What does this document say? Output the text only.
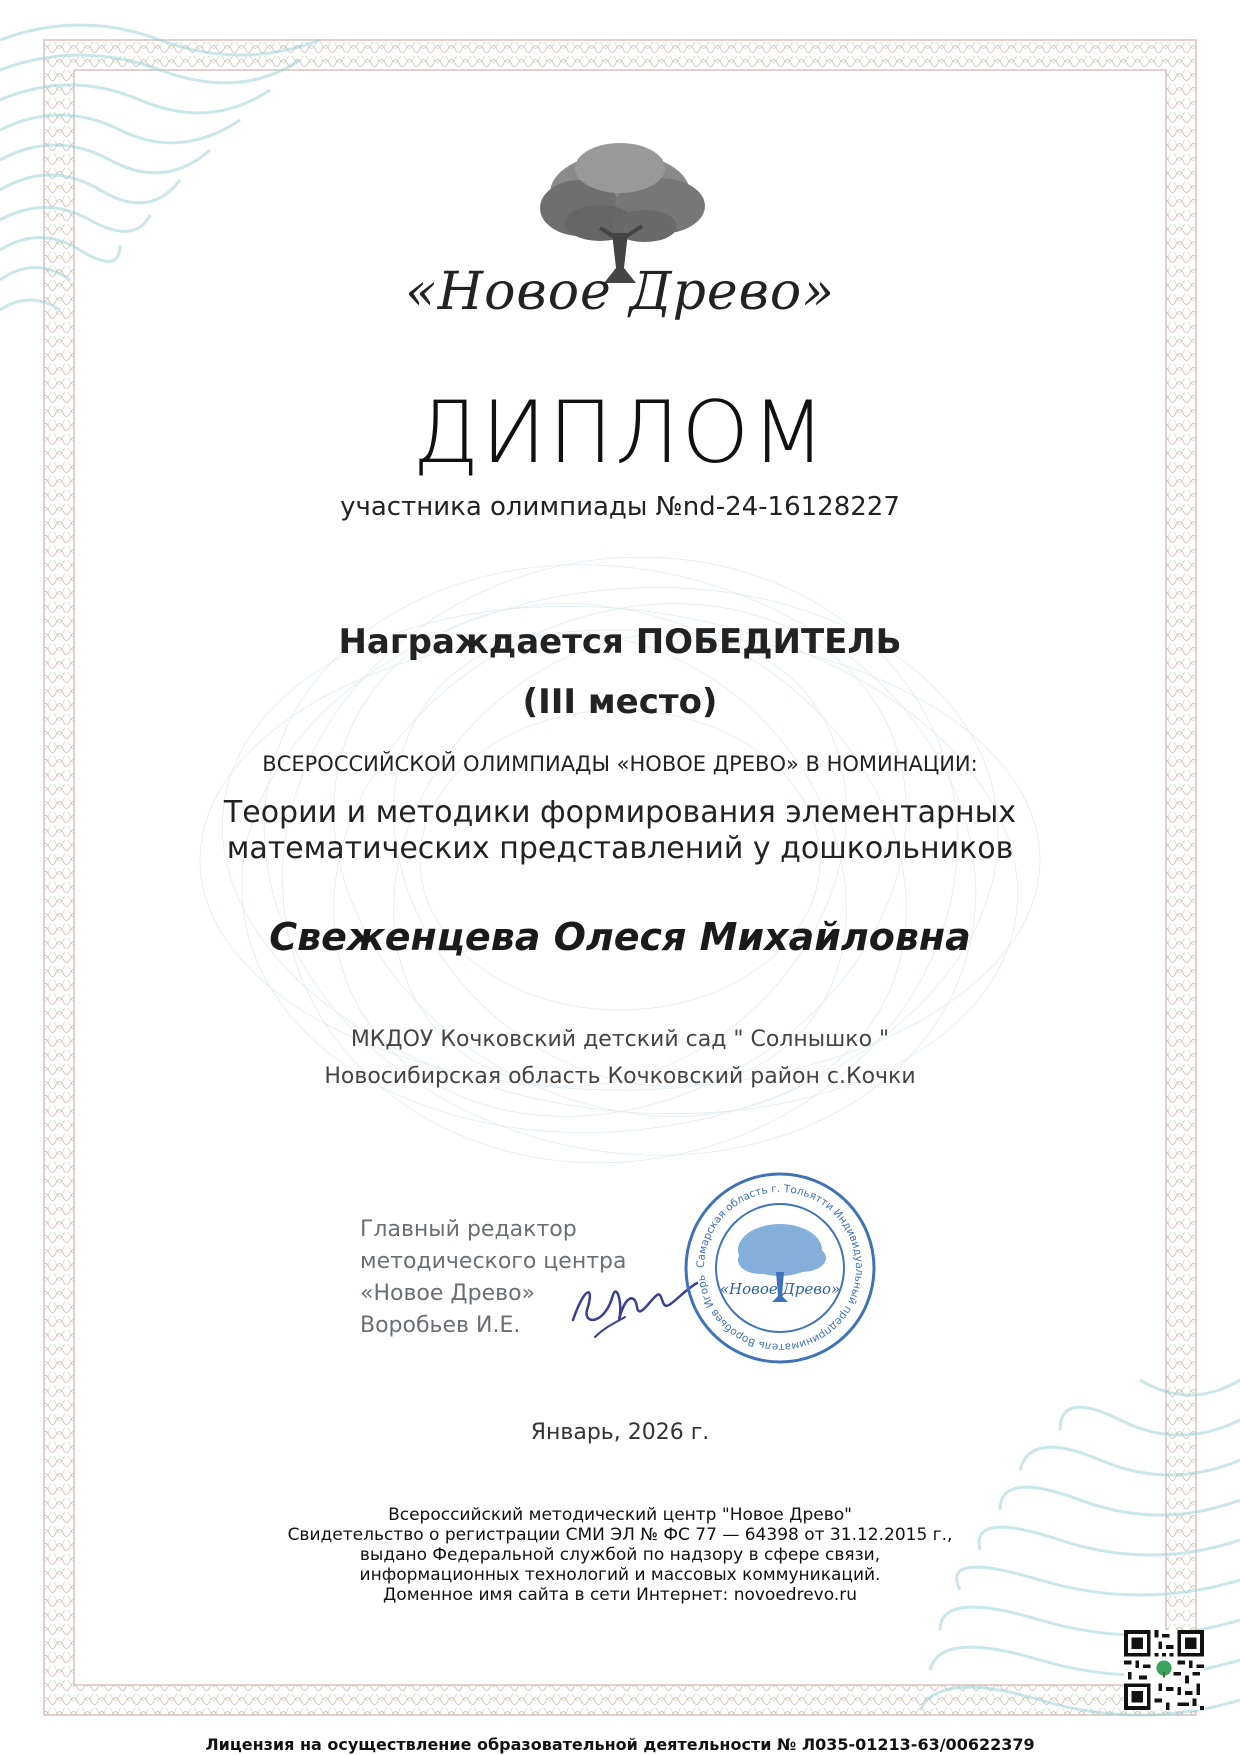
«Новое Древо»
ДИПЛОМ
участника олимпиады №nd-24-16128227
Награждается ПОБЕДИТЕЛЬ
(III место)
ВСЕРОССИЙСКОЙ ОЛИМПИАДЫ «НОВОЕ ДРЕВО» В НОМИНАЦИИ:
Теории и методики формирования элементарных
математических представлений у дошкольников
Свеженцева Олеся Михайловна
МКДОУ Кочковский детский сад " Солнышко "
Новосибирская область Кочковский район с.Кочки
Главный редактор
методического центра
«Новое Древо»
Воробьев И.Е.
Самарская область г. Тольятти Индивидуальный предприниматель Воробьев Игорь
«Новое Древо»
Январь, 2026 г.
Всероссийский методический центр "Новое Древо"
Свидетельство о регистрации СМИ ЭЛ № ФС 77 — 64398 от 31.12.2015 г.,
выдано Федеральной службой по надзору в сфере связи,
информационных технологий и массовых коммуникаций.
Доменное имя сайта в сети Интернет: novoedrevo.ru
Лицензия на осуществление образовательной деятельности № Л035-01213-63/00622379
